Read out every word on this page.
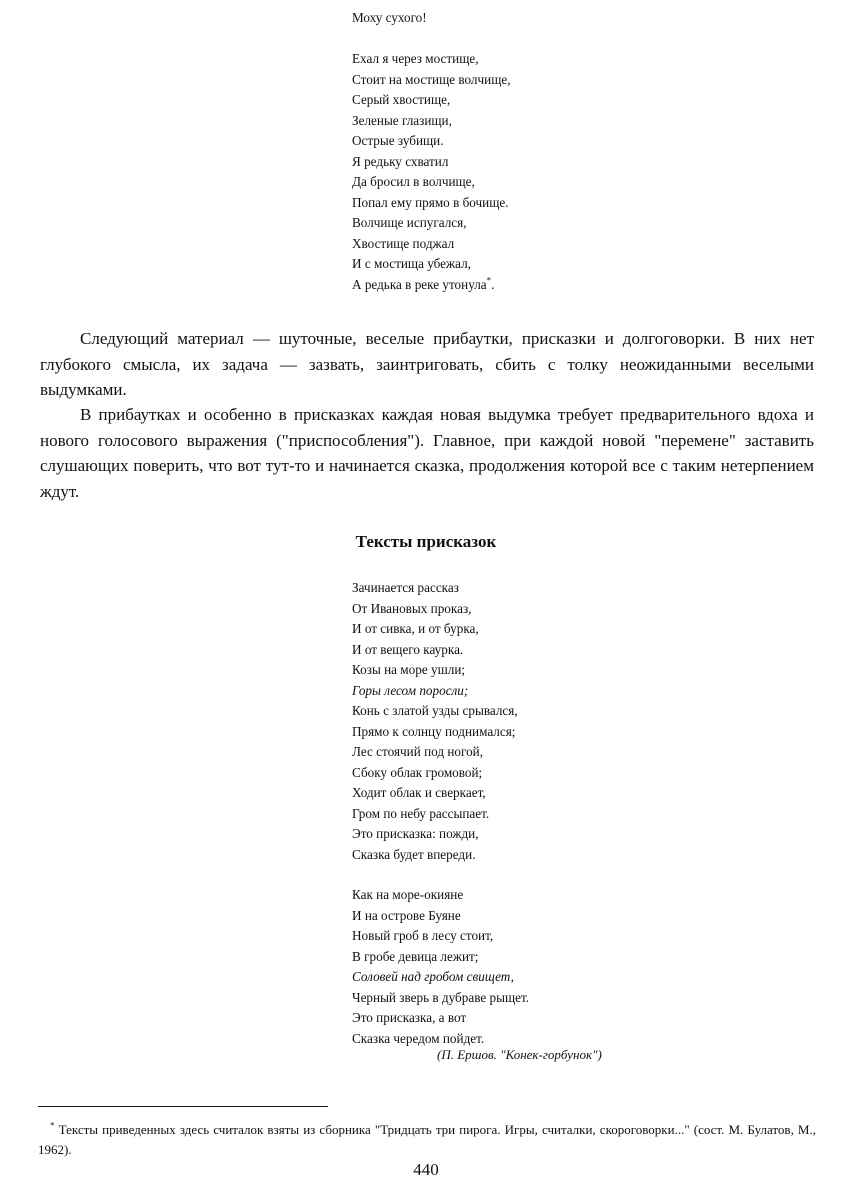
Моху сухого!
Ехал я через мостище,
Стоит на мостище волчище,
Серый хвостище,
Зеленые глазищи,
Острые зубищи.
Я редьку схватил
Да бросил в волчище,
Попал ему прямо в бочище.
Волчище испугался,
Хвостище поджал
И с мостища убежал,
А редька в реке утонула*.

Следующий материал — шуточные, веселые прибаутки, присказки и долгоговорки. В них нет глубокого смысла, их задача — зазвать, заинтриговать, сбить с толку неожиданными веселыми выдумками.

В прибаутках и особенно в присказках каждая новая выдумка требует предварительного вдоха и нового голосового выражения ("приспособления"). Главное, при каждой новой "перемене" заставить слушающих поверить, что вот тут-то и начинается сказка, продолжения которой все с таким нетерпением ждут.

Тексты присказок
Зачинается рассказ
От Ивановых проказ,
И от сивка, и от бурка,
И от вещего каурка.
Козы на море ушли;
Горы лесом поросли;
Конь с златой узды срывался,
Прямо к солнцу поднимался;
Лес стоячий под ногой,
Сбоку облак громовой;
Ходит облак и сверкает,
Гром по небу рассыпает.
Это присказка: пожди,
Сказка будет впереди.
Как на море-окияне
И на острове Буяне
Новый гроб в лесу стоит,
В гробе девица лежит;
Соловей над гробом свищет,
Черный зверь в дубраве рыщет.
Это присказка, а вот
Сказка чередом пойдет.
(П. Ершов. "Конек-горбунок")
* Тексты приведенных здесь считалок взяты из сборника "Тридцать три пирога. Игры, считалки, скороговорки..." (сост. М. Булатов, М., 1962).
440
